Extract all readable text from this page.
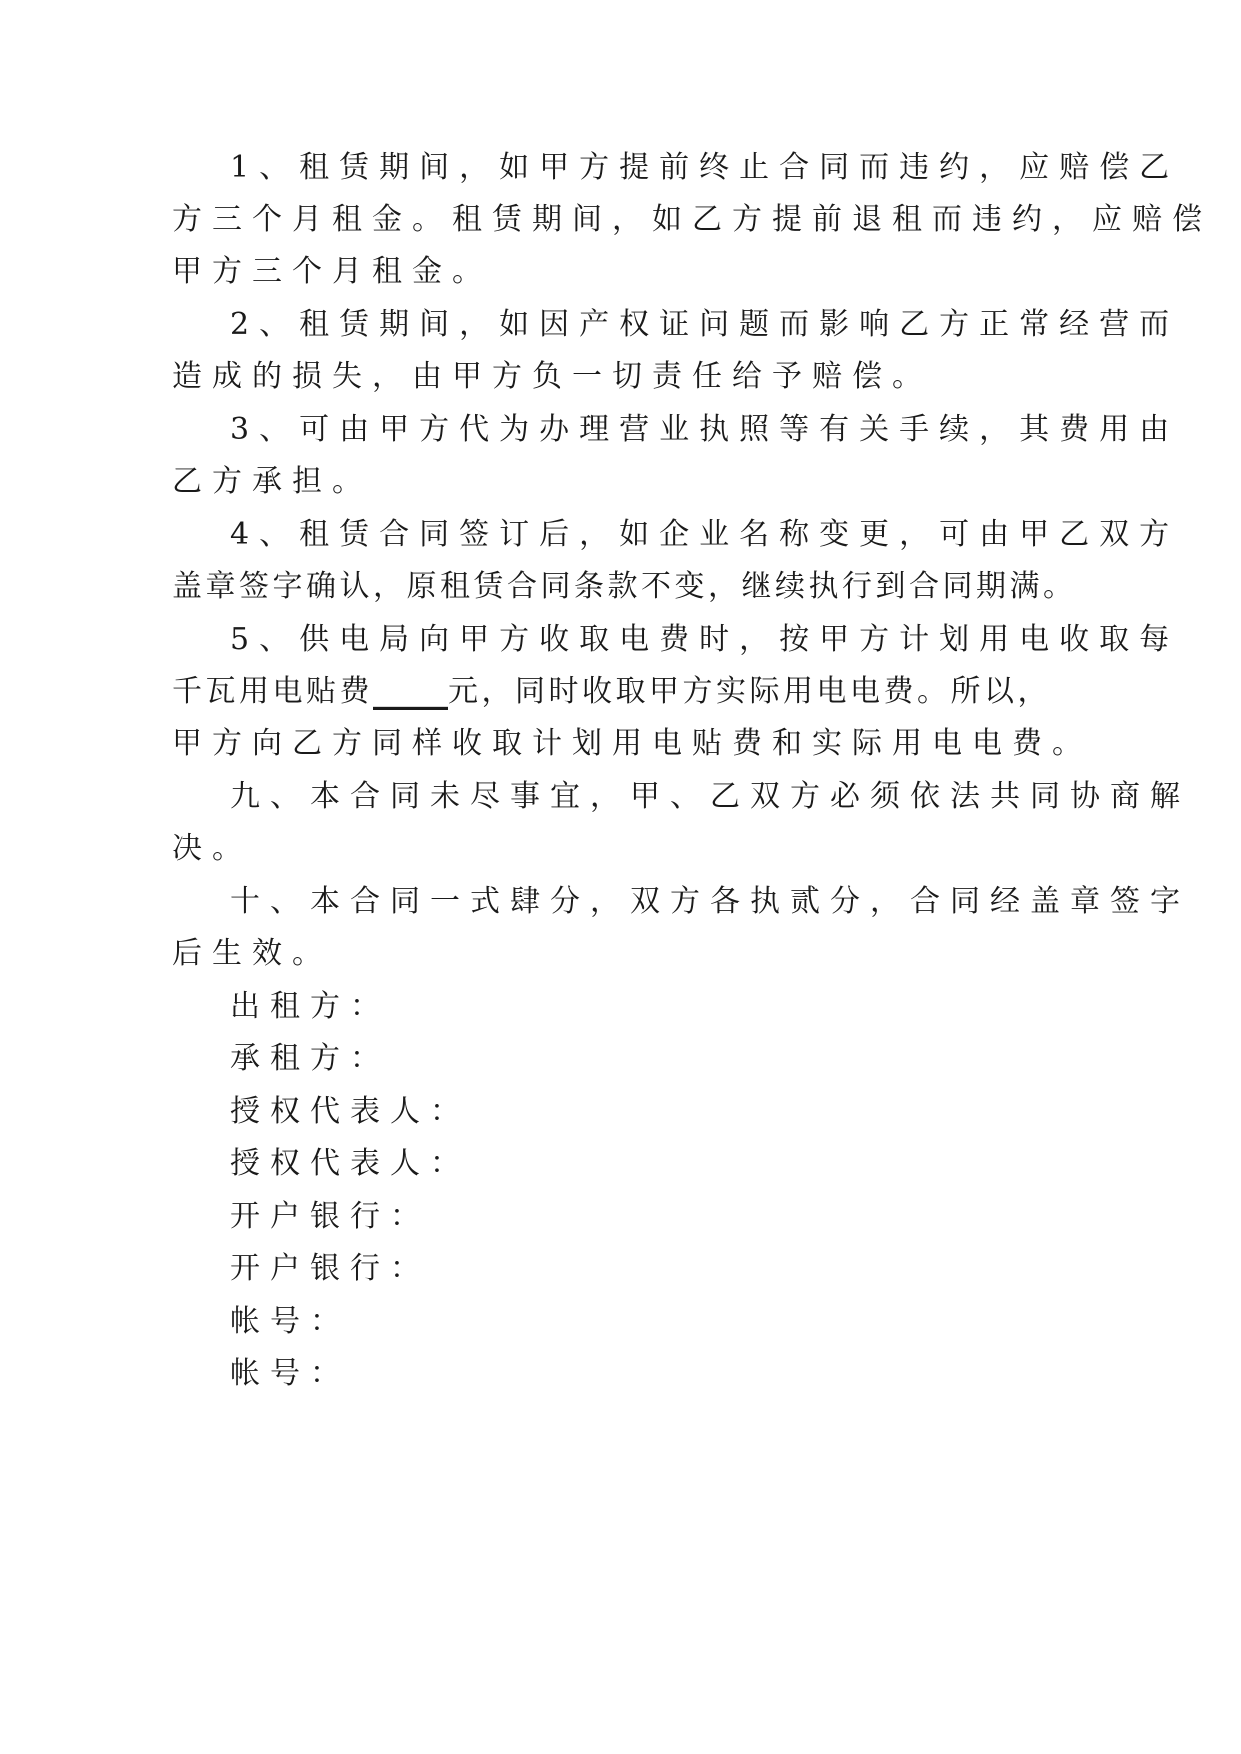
1、租赁期间，如甲方提前终止合同而违约，应赔偿乙
方三个月租金。租赁期间，如乙方提前退租而违约，应赔偿
甲方三个月租金。
2、租赁期间，如因产权证问题而影响乙方正常经营而
造成的损失，由甲方负一切责任给予赔偿。
3、可由甲方代为办理营业执照等有关手续，其费用由
乙方承担。
4、租赁合同签订后，如企业名称变更，可由甲乙双方
盖章签字确认，原租赁合同条款不变，继续执行到合同期满。
5、供电局向甲方收取电费时，按甲方计划用电收取每
千瓦用电贴费_____元，同时收取甲方实际用电电费。所以，
甲方向乙方同样收取计划用电贴费和实际用电电费。
九、本合同未尽事宜，甲、乙双方必须依法共同协商解
决。
十、本合同一式肆分，双方各执贰分，合同经盖章签字
后生效。
出租方：
承租方：
授权代表人：
授权代表人：
开户银行：
开户银行：
帐号：
帐号：
